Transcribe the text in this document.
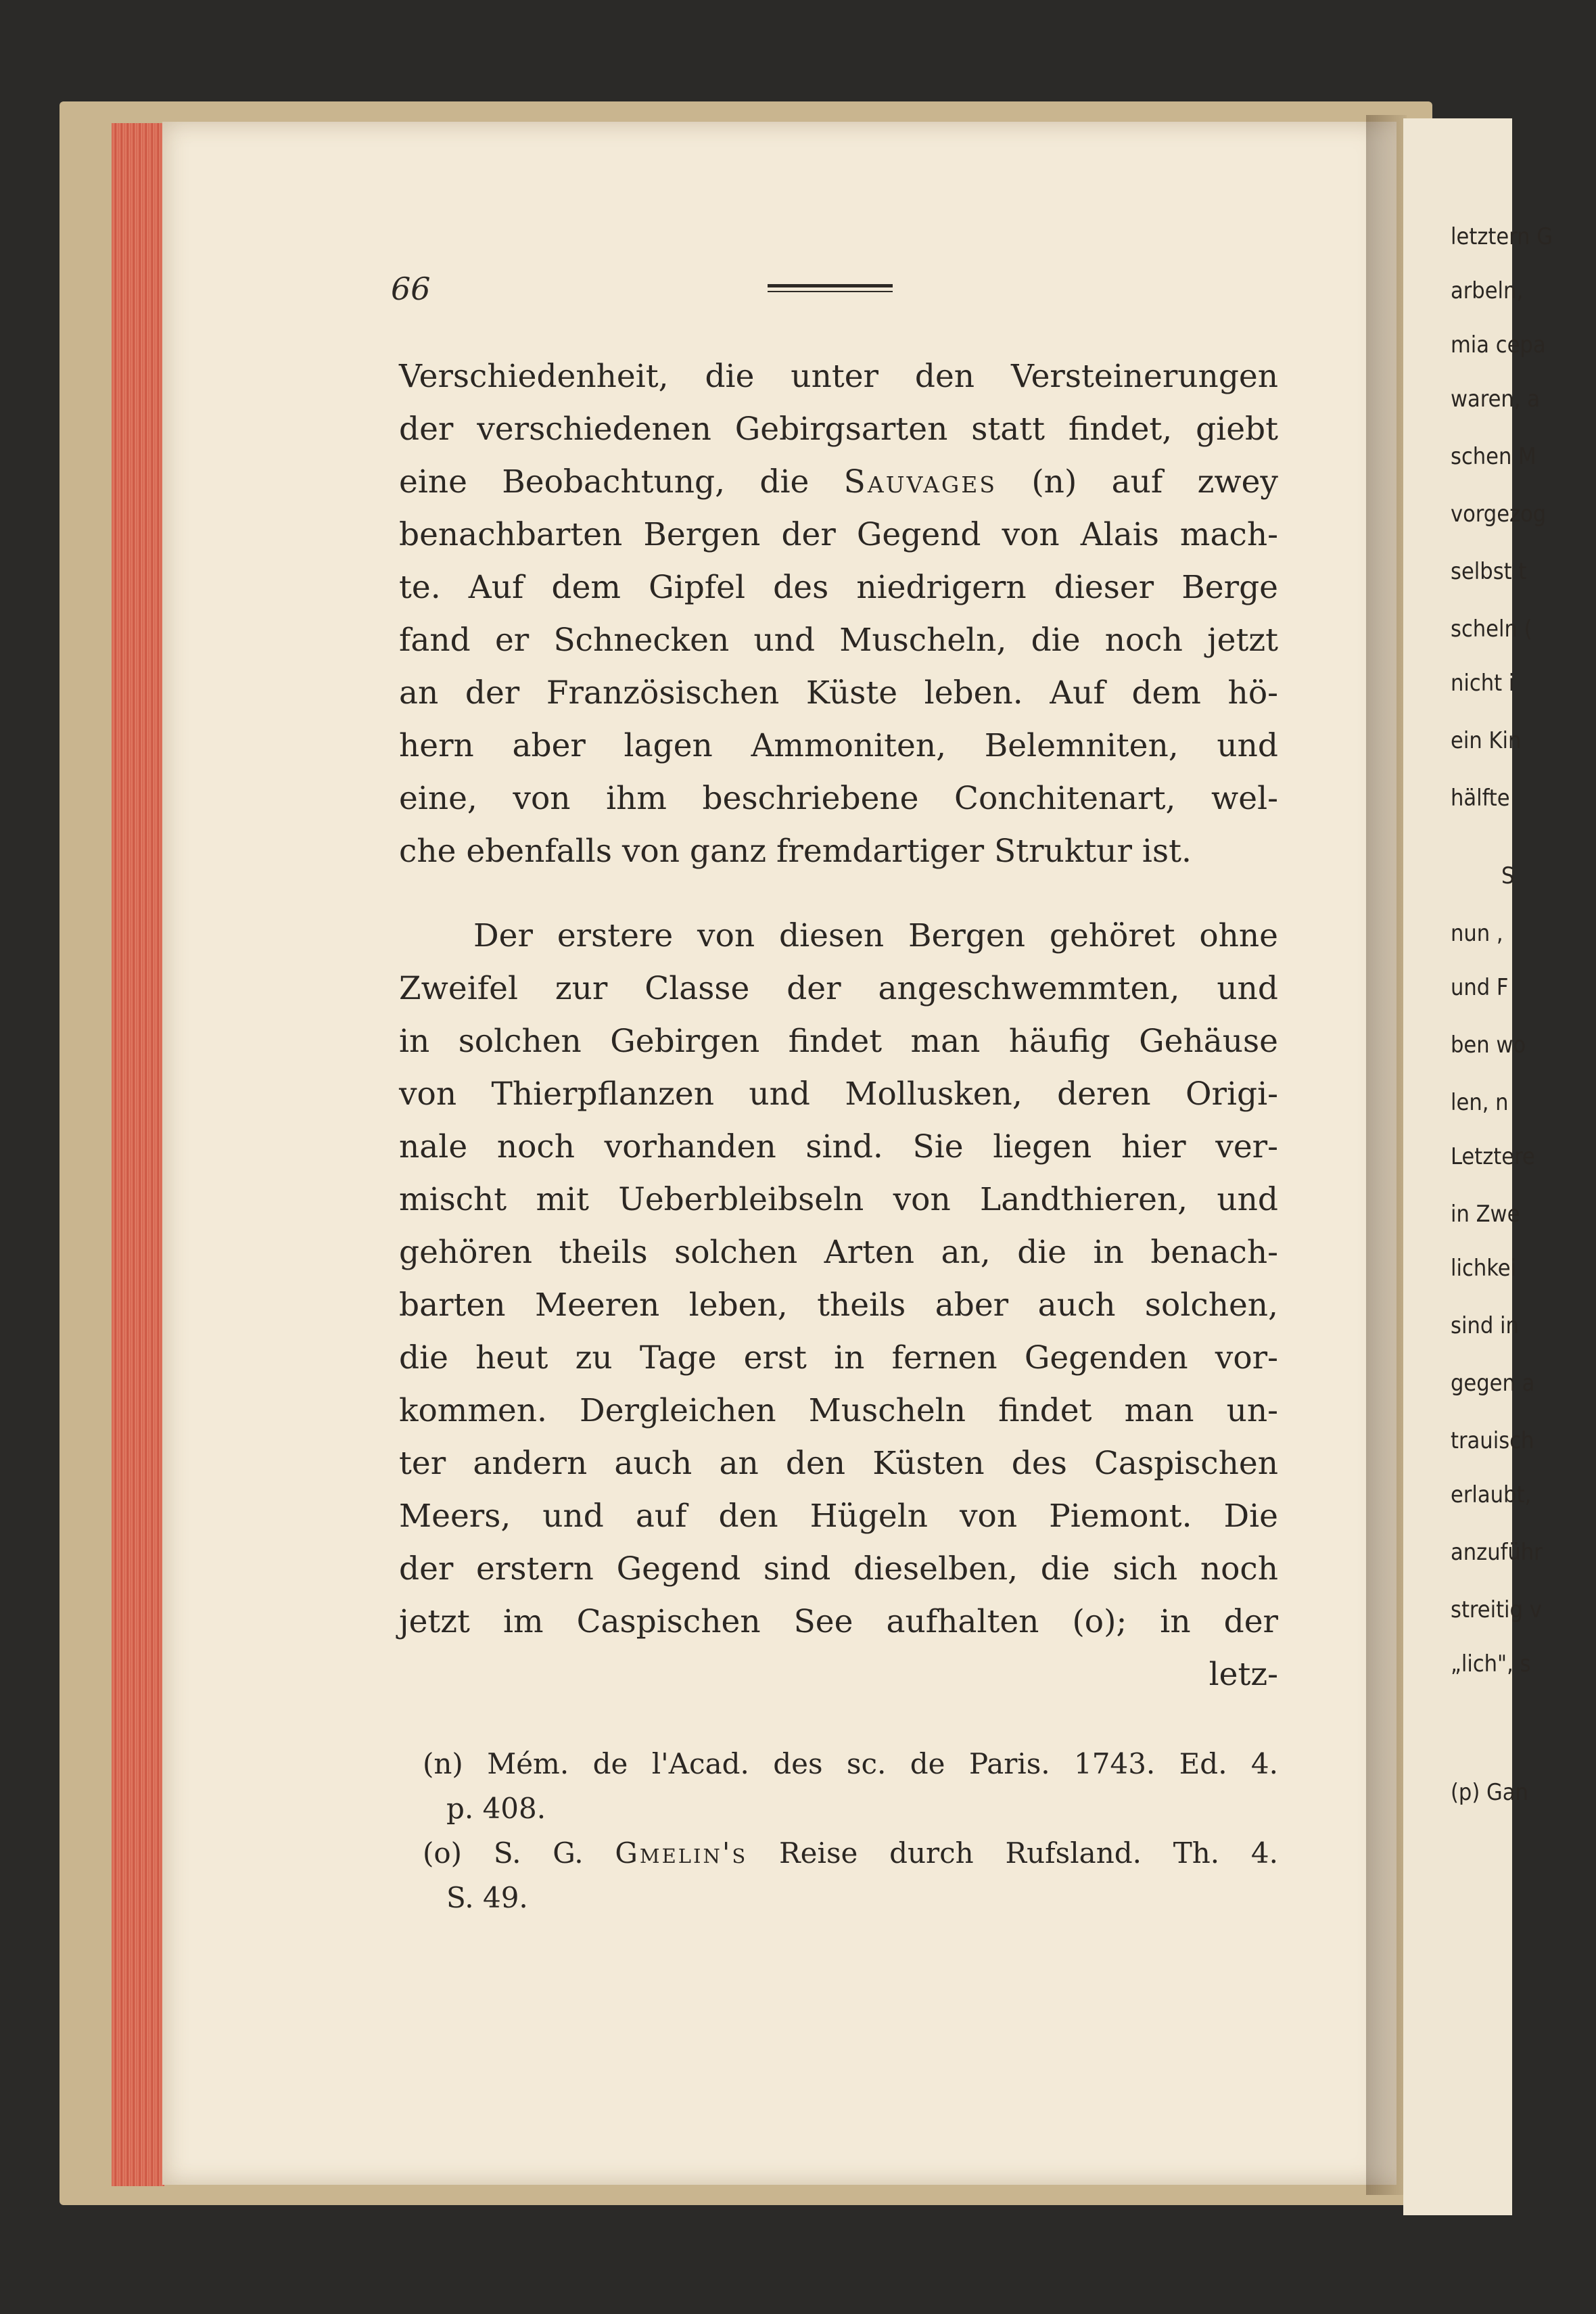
letztern G
arbeln,
mia cepa
waren, a
schen M
vorgezog
selbst t
scheln (
nicht i
ein Kin
hälfte
S
nun ,
und F
ben wo
len, n
Letztere
in Zwe
lichkei
sind in
gegen a
trauisch
erlaubt,
anzuführ
streitig v
„lich", s
(p) Gan
66
Verschiedenheit, die unter den Versteinerungen
der verschiedenen Gebirgsarten statt findet, giebt
eine Beobachtung, die Sauvages (n) auf zwey
benachbarten Bergen der Gegend von Alais mach-
te. Auf dem Gipfel des niedrigern dieser Berge
fand er Schnecken und Muscheln, die noch jetzt
an der Französischen Küste leben. Auf dem hö-
hern aber lagen Ammoniten, Belemniten, und
eine, von ihm beschriebene Conchitenart, wel-
che ebenfalls von ganz fremdartiger Struktur ist.
Der erstere von diesen Bergen gehöret ohne
Zweifel zur Classe der angeschwemmten, und
in solchen Gebirgen findet man häufig Gehäuse
von Thierpflanzen und Mollusken, deren Origi-
nale noch vorhanden sind. Sie liegen hier ver-
mischt mit Ueberbleibseln von Landthieren, und
gehören theils solchen Arten an, die in benach-
barten Meeren leben, theils aber auch solchen,
die heut zu Tage erst in fernen Gegenden vor-
kommen. Dergleichen Muscheln findet man un-
ter andern auch an den Küsten des Caspischen
Meers, und auf den Hügeln von Piemont. Die
der erstern Gegend sind dieselben, die sich noch
jetzt im Caspischen See aufhalten (o); in der
letz-
(n) Mém. de l'Acad. des sc. de Paris. 1743. Ed. 4.
p. 408.
(o) S. G. Gmelin's Reise durch Rufsland. Th. 4.
S. 49.
